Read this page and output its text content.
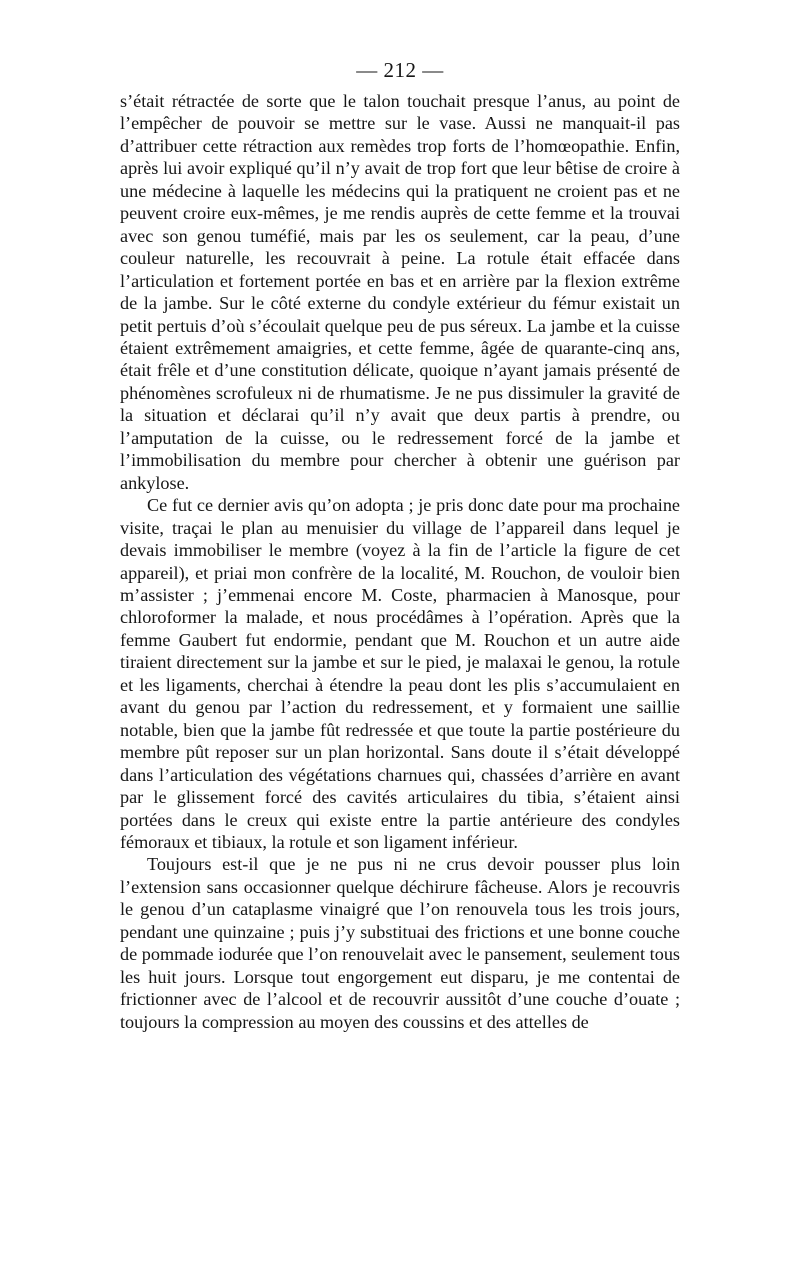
— 212 —

s’était rétractée de sorte que le talon touchait presque l’anus, au point de l’empêcher de pouvoir se mettre sur le vase. Aussi ne manquait-il pas d’attribuer cette rétraction aux remèdes trop forts de l’homœopathie. Enfin, après lui avoir expliqué qu’il n’y avait de trop fort que leur bêtise de croire à une médecine à laquelle les médecins qui la pratiquent ne croient pas et ne peuvent croire eux-mêmes, je me rendis auprès de cette femme et la trouvai avec son genou tuméfié, mais par les os seulement, car la peau, d’une couleur naturelle, les recouvrait à peine. La rotule était effacée dans l’articulation et fortement portée en bas et en arrière par la flexion extrême de la jambe. Sur le côté externe du condyle extérieur du fémur existait un petit pertuis d’où s’écoulait quelque peu de pus séreux. La jambe et la cuisse étaient extrêmement amaigries, et cette femme, âgée de quarante-cinq ans, était frêle et d’une constitution délicate, quoique n’ayant jamais présenté de phénomènes scrofuleux ni de rhumatisme. Je ne pus dissimuler la gravité de la situation et déclarai qu’il n’y avait que deux partis à prendre, ou l’amputation de la cuisse, ou le redressement forcé de la jambe et l’immobilisation du membre pour chercher à obtenir une guérison par ankylose.

Ce fut ce dernier avis qu’on adopta ; je pris donc date pour ma prochaine visite, traçai le plan au menuisier du village de l’appareil dans lequel je devais immobiliser le membre (voyez à la fin de l’article la figure de cet appareil), et priai mon confrère de la localité, M. Rouchon, de vouloir bien m’assister ; j’emmenai encore M. Coste, pharmacien à Manosque, pour chloroformer la malade, et nous procédâmes à l’opération. Après que la femme Gaubert fut endormie, pendant que M. Rouchon et un autre aide tiraient directement sur la jambe et sur le pied, je malaxai le genou, la rotule et les ligaments, cherchai à étendre la peau dont les plis s’accumulaient en avant du genou par l’action du redressement, et y formaient une saillie notable, bien que la jambe fût redressée et que toute la partie postérieure du membre pût reposer sur un plan horizontal. Sans doute il s’était développé dans l’articulation des végétations charnues qui, chassées d’arrière en avant par le glissement forcé des cavités articulaires du tibia, s’étaient ainsi portées dans le creux qui existe entre la partie antérieure des condyles fémoraux et tibiaux, la rotule et son ligament inférieur.

Toujours est-il que je ne pus ni ne crus devoir pousser plus loin l’extension sans occasionner quelque déchirure fâcheuse. Alors je recouvris le genou d’un cataplasme vinaigré que l’on renouvela tous les trois jours, pendant une quinzaine ; puis j’y substituai des frictions et une bonne couche de pommade iodurée que l’on renouvelait avec le pansement, seulement tous les huit jours. Lorsque tout engorgement eut disparu, je me contentai de frictionner avec de l’alcool et de recouvrir aussitôt d’une couche d’ouate ; toujours la compression au moyen des coussins et des attelles de
